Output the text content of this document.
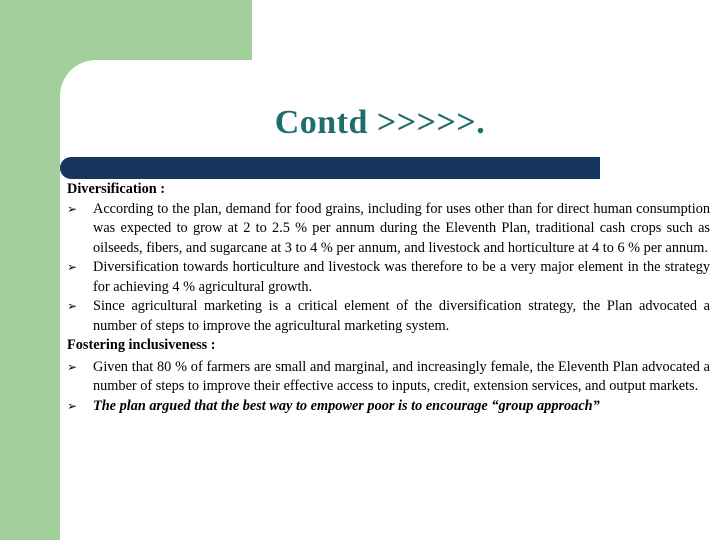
Contd >>>>>.
Diversification :
➢	According to the plan, demand for food grains, including for uses other than for direct human consumption was expected to grow at 2 to 2.5 % per annum during the Eleventh Plan, traditional cash crops such as oilseeds, fibers, and sugarcane at 3 to 4 % per annum, and livestock and horticulture at 4 to 6 % per annum.
➢	Diversification towards horticulture and livestock was therefore to be a very major element in the strategy for achieving 4 % agricultural growth.
➢	Since agricultural marketing is a critical element of the diversification strategy, the Plan advocated a number of steps to improve the agricultural marketing system.
Fostering inclusiveness :
➢	Given that 80 % of farmers are small and marginal, and increasingly female, the Eleventh Plan advocated a number of steps to improve their effective access to inputs, credit, extension services, and output markets.
➢	The plan argued that the best way to empower poor is to encourage “group approach”
